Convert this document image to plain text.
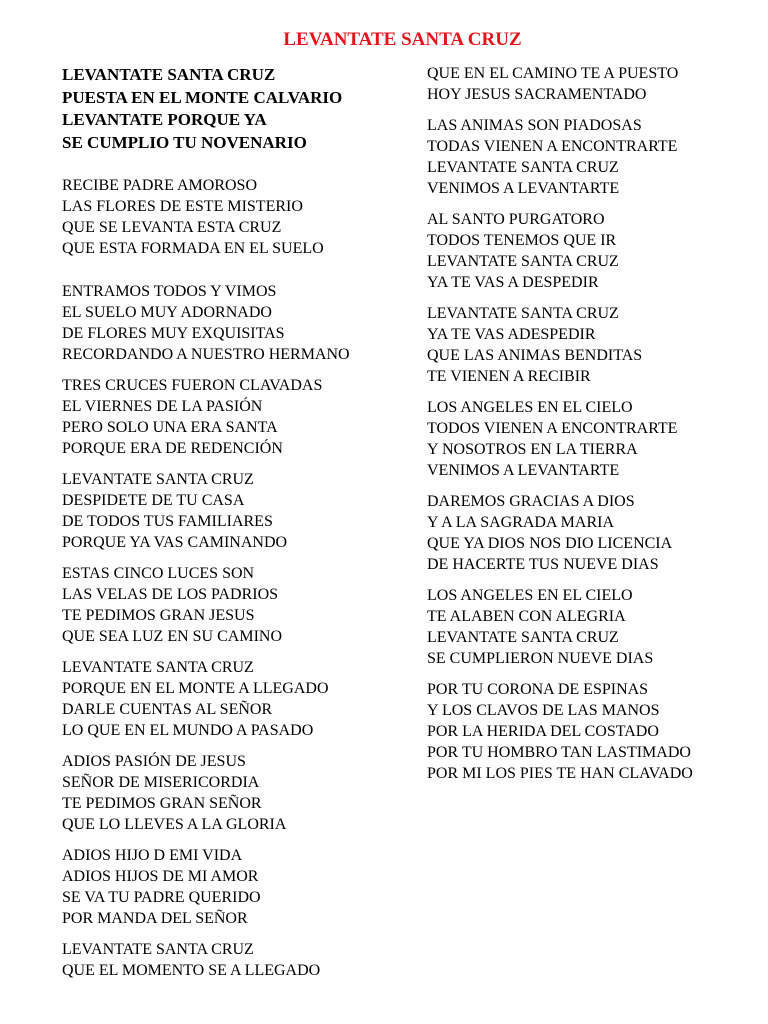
LEVANTATE SANTA CRUZ
LEVANTATE SANTA CRUZ
PUESTA EN EL MONTE CALVARIO
LEVANTATE PORQUE YA
SE CUMPLIO TU NOVENARIO
RECIBE PADRE AMOROSO
LAS FLORES DE ESTE MISTERIO
QUE SE LEVANTA ESTA CRUZ
QUE ESTA FORMADA EN EL SUELO
ENTRAMOS TODOS Y VIMOS
EL SUELO MUY ADORNADO
DE FLORES MUY EXQUISITAS
RECORDANDO A NUESTRO HERMANO
TRES CRUCES FUERON CLAVADAS
EL VIERNES DE LA PASIÓN
PERO SOLO UNA ERA SANTA
PORQUE ERA DE REDENCIÓN
LEVANTATE SANTA CRUZ
DESPIDETE DE TU CASA
DE TODOS TUS FAMILIARES
PORQUE YA VAS CAMINANDO
ESTAS CINCO LUCES SON
LAS VELAS DE LOS PADRIOS
TE PEDIMOS GRAN JESUS
QUE SEA LUZ EN SU CAMINO
LEVANTATE SANTA CRUZ
PORQUE EN EL MONTE A LLEGADO
DARLE CUENTAS AL SEÑOR
LO QUE EN EL MUNDO A PASADO
ADIOS PASIÓN DE JESUS
SEÑOR DE MISERICORDIA
TE PEDIMOS GRAN SEÑOR
QUE LO LLEVES A LA GLORIA
ADIOS HIJO D EMI VIDA
ADIOS HIJOS DE MI AMOR
SE VA TU PADRE QUERIDO
POR MANDA DEL SEÑOR
LEVANTATE SANTA CRUZ
QUE EL MOMENTO SE A LLEGADO
QUE EN EL CAMINO TE A PUESTO
HOY JESUS SACRAMENTADO
LAS ANIMAS SON PIADOSAS
TODAS VIENEN A ENCONTRARTE
LEVANTATE SANTA CRUZ
VENIMOS A LEVANTARTE
AL SANTO PURGATORO
TODOS TENEMOS QUE IR
LEVANTATE SANTA CRUZ
YA TE VAS A DESPEDIR
LEVANTATE SANTA CRUZ
YA TE VAS ADESPEDIR
QUE LAS ANIMAS BENDITAS
TE VIENEN A RECIBIR
LOS ANGELES EN EL CIELO
TODOS VIENEN A ENCONTRARTE
Y NOSOTROS EN LA TIERRA
VENIMOS A LEVANTARTE
DAREMOS GRACIAS A DIOS
Y A LA SAGRADA MARIA
QUE YA DIOS NOS DIO LICENCIA
DE HACERTE TUS NUEVE DIAS
LOS ANGELES EN EL CIELO
TE ALABEN CON ALEGRIA
LEVANTATE SANTA CRUZ
SE CUMPLIERON NUEVE DIAS
POR TU CORONA DE ESPINAS
Y LOS CLAVOS DE LAS MANOS
POR LA HERIDA DEL COSTADO
POR TU HOMBRO TAN LASTIMADO
POR MI LOS PIES TE HAN CLAVADO
